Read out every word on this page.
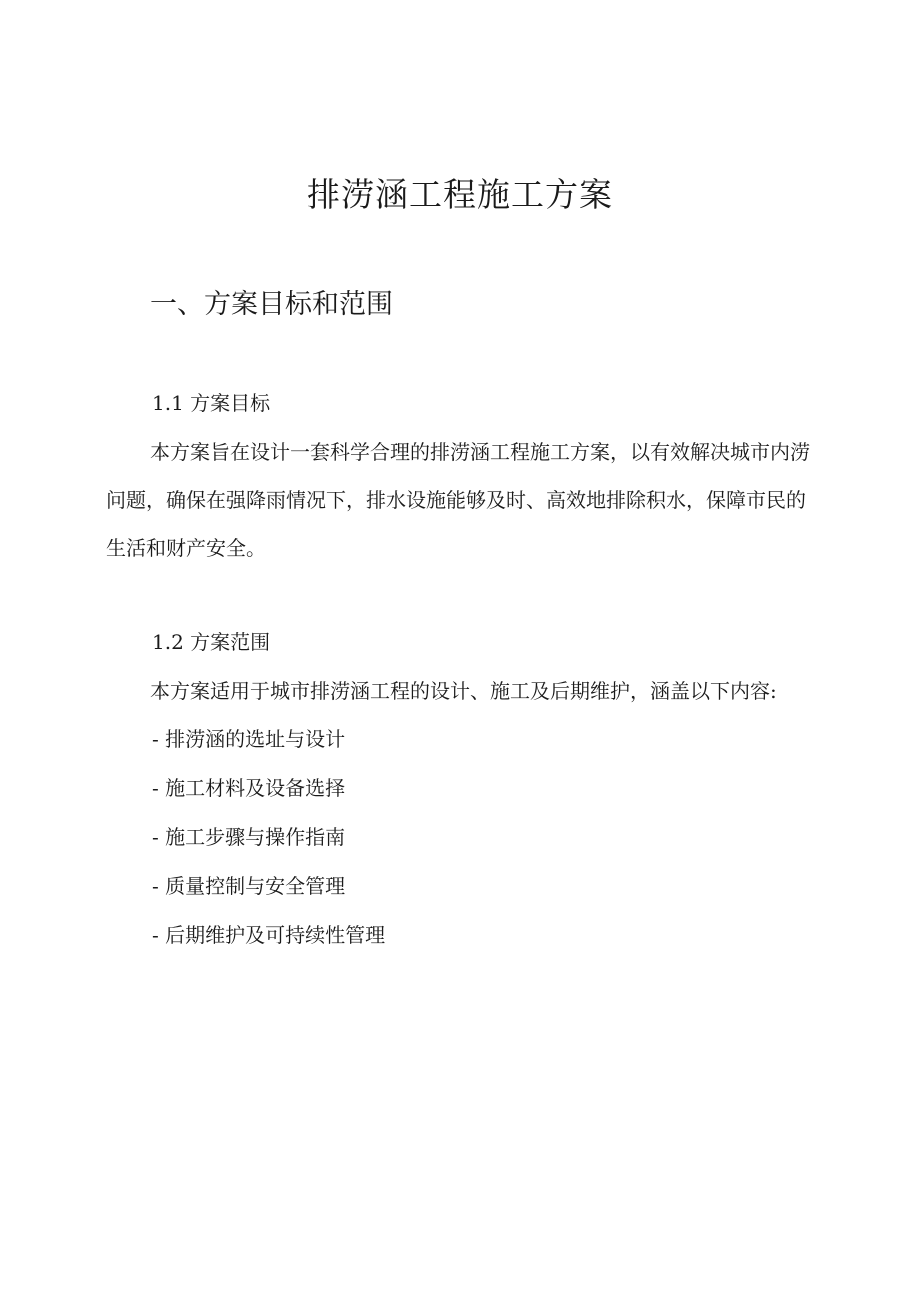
排涝涵工程施工方案
一、方案目标和范围
1.1 方案目标

本方案旨在设计一套科学合理的排涝涵工程施工方案，以有效解决城市内涝问题，确保在强降雨情况下，排水设施能够及时、高效地排除积水，保障市民的生活和财产安全。

1.2 方案范围

本方案适用于城市排涝涵工程的设计、施工及后期维护，涵盖以下内容:

- 排涝涵的选址与设计
- 施工材料及设备选择
- 施工步骤与操作指南
- 质量控制与安全管理
- 后期维护及可持续性管理
